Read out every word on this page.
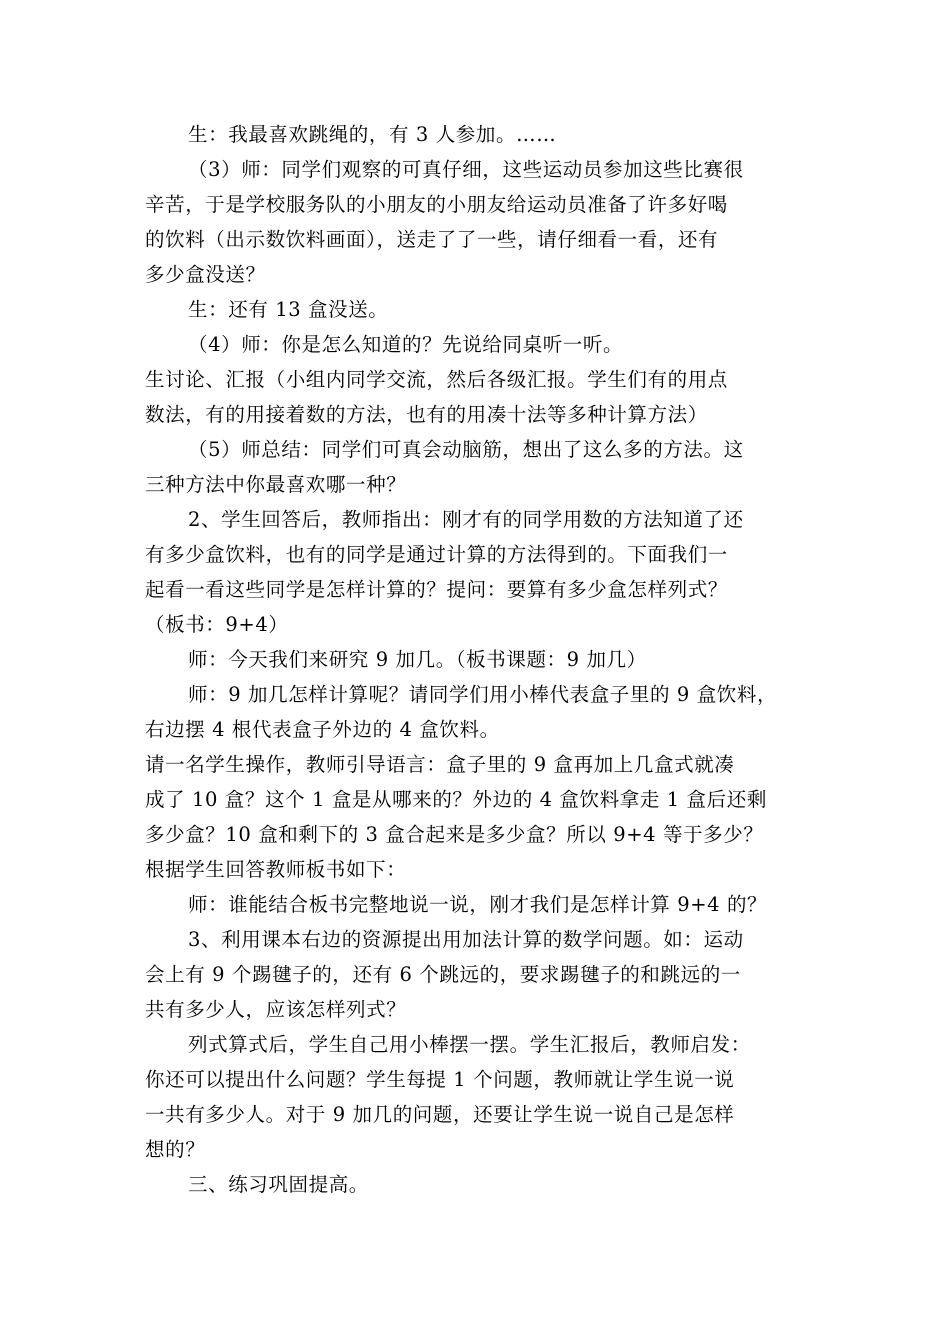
生：我最喜欢跳绳的，有 3 人参加。……
（3）师：同学们观察的可真仔细，这些运动员参加这些比赛很
辛苦，于是学校服务队的小朋友的小朋友给运动员准备了许多好喝
的饮料（出示数饮料画面），送走了了一些，请仔细看一看，还有
多少盒没送？
生：还有 13 盒没送。
（4）师：你是怎么知道的？先说给同桌听一听。
生讨论、汇报（小组内同学交流，然后各级汇报。学生们有的用点
数法，有的用接着数的方法，也有的用凑十法等多种计算方法）
（5）师总结：同学们可真会动脑筋，想出了这么多的方法。这
三种方法中你最喜欢哪一种？
2、学生回答后，教师指出：刚才有的同学用数的方法知道了还
有多少盒饮料，也有的同学是通过计算的方法得到的。下面我们一
起看一看这些同学是怎样计算的？提问：要算有多少盒怎样列式？
（板书：9+4）
师：今天我们来研究 9 加几。（板书课题：9 加几）
师：9 加几怎样计算呢？请同学们用小棒代表盒子里的 9 盒饮料，
右边摆 4 根代表盒子外边的 4 盒饮料。
请一名学生操作，教师引导语言：盒子里的 9 盒再加上几盒式就凑
成了 10 盒？这个 1 盒是从哪来的？外边的 4 盒饮料拿走 1 盒后还剩
多少盒？10 盒和剩下的 3 盒合起来是多少盒？所以 9+4 等于多少？
根据学生回答教师板书如下：
师：谁能结合板书完整地说一说，刚才我们是怎样计算 9+4 的？
3、利用课本右边的资源提出用加法计算的数学问题。如：运动
会上有 9 个踢毽子的，还有 6 个跳远的，要求踢毽子的和跳远的一
共有多少人，应该怎样列式？
列式算式后，学生自己用小棒摆一摆。学生汇报后，教师启发：
你还可以提出什么问题？学生每提 1 个问题，教师就让学生说一说
一共有多少人。对于 9 加几的问题，还要让学生说一说自己是怎样
想的？
三、练习巩固提高。
